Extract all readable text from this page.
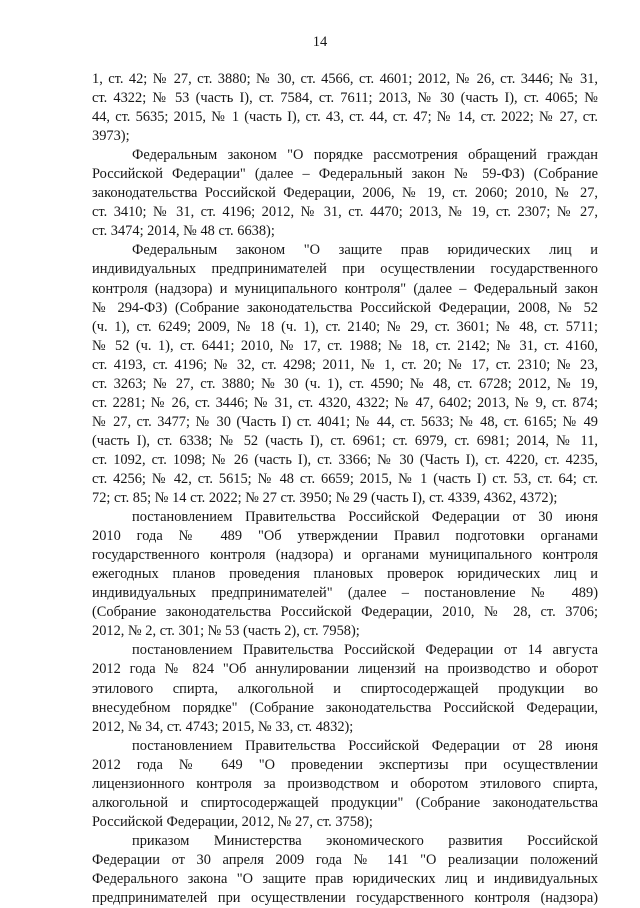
14
1, ст. 42; № 27, ст. 3880; № 30, ст. 4566, ст. 4601; 2012, № 26, ст. 3446; № 31,
ст. 4322; № 53 (часть I), ст. 7584, ст. 7611; 2013, № 30 (часть I), ст. 4065; №
44, ст. 5635; 2015, № 1 (часть I), ст. 43, ст. 44, ст. 47; № 14, ст. 2022; № 27, ст.
3973);
Федеральным законом "О порядке рассмотрения обращений граждан
Российской Федерации" (далее – Федеральный закон № 59-ФЗ) (Собрание
законодательства Российской Федерации, 2006, № 19, ст. 2060; 2010, № 27,
ст. 3410; № 31, ст. 4196; 2012, № 31, ст. 4470; 2013, № 19, ст. 2307; № 27,
ст. 3474; 2014, № 48 ст. 6638);
Федеральным законом "О защите прав юридических лиц и
индивидуальных предпринимателей при осуществлении государственного
контроля (надзора) и муниципального контроля" (далее – Федеральный закон
№ 294-ФЗ) (Собрание законодательства Российской Федерации, 2008, № 52
(ч. 1), ст. 6249; 2009, № 18 (ч. 1), ст. 2140; № 29, ст. 3601; № 48, ст. 5711;
№ 52 (ч. 1), ст. 6441; 2010, № 17, ст. 1988; № 18, ст. 2142; № 31, ст. 4160,
ст. 4193, ст. 4196; № 32, ст. 4298; 2011, № 1, ст. 20; № 17, ст. 2310; № 23,
ст. 3263; № 27, ст. 3880; № 30 (ч. 1), ст. 4590; № 48, ст. 6728; 2012, № 19,
ст. 2281; № 26, ст. 3446; № 31, ст. 4320, 4322; № 47, 6402; 2013, № 9, ст. 874;
№ 27, ст. 3477; № 30 (Часть I) ст. 4041; № 44, ст. 5633; № 48, ст. 6165; № 49
(часть I), ст. 6338; № 52 (часть I), ст. 6961; ст. 6979, ст. 6981; 2014, № 11,
ст. 1092, ст. 1098; № 26 (часть I), ст. 3366; № 30 (Часть I), ст. 4220, ст. 4235,
ст. 4256; № 42, ст. 5615; № 48 ст. 6659; 2015, № 1 (часть I) ст. 53, ст. 64; ст.
72; ст. 85; № 14 ст. 2022; № 27 ст. 3950; № 29 (часть I), ст. 4339, 4362, 4372);
постановлением Правительства Российской Федерации от 30 июня
2010 года № 489 "Об утверждении Правил подготовки органами
государственного контроля (надзора) и органами муниципального контроля
ежегодных планов проведения плановых проверок юридических лиц и
индивидуальных предпринимателей" (далее – постановление № 489)
(Собрание законодательства Российской Федерации, 2010, № 28, ст. 3706;
2012, № 2, ст. 301; № 53 (часть 2), ст. 7958);
постановлением Правительства Российской Федерации от 14 августа
2012 года № 824 "Об аннулировании лицензий на производство и оборот
этилового спирта, алкогольной и спиртосодержащей продукции во
внесудебном порядке" (Собрание законодательства Российской Федерации,
2012, № 34, ст. 4743; 2015, № 33, ст. 4832);
постановлением Правительства Российской Федерации от 28 июня
2012 года № 649 "О проведении экспертизы при осуществлении
лицензионного контроля за производством и оборотом этилового спирта,
алкогольной и спиртосодержащей продукции" (Собрание законодательства
Российской Федерации, 2012, № 27, ст. 3758);
приказом Министерства экономического развития Российской
Федерации от 30 апреля 2009 года № 141 "О реализации положений
Федерального закона "О защите прав юридических лиц и индивидуальных
предпринимателей при осуществлении государственного контроля (надзора)
